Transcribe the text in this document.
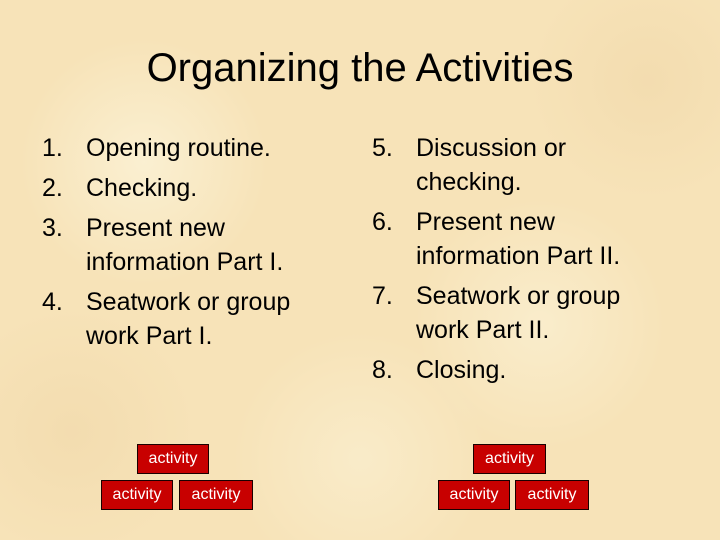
Organizing the Activities
1. Opening routine.
2. Checking.
3. Present new information Part I.
4. Seatwork or group work Part I.
5. Discussion or checking.
6. Present new information Part II.
7. Seatwork or group work Part II.
8. Closing.
activity
activity	activity
activity
activity	activity
